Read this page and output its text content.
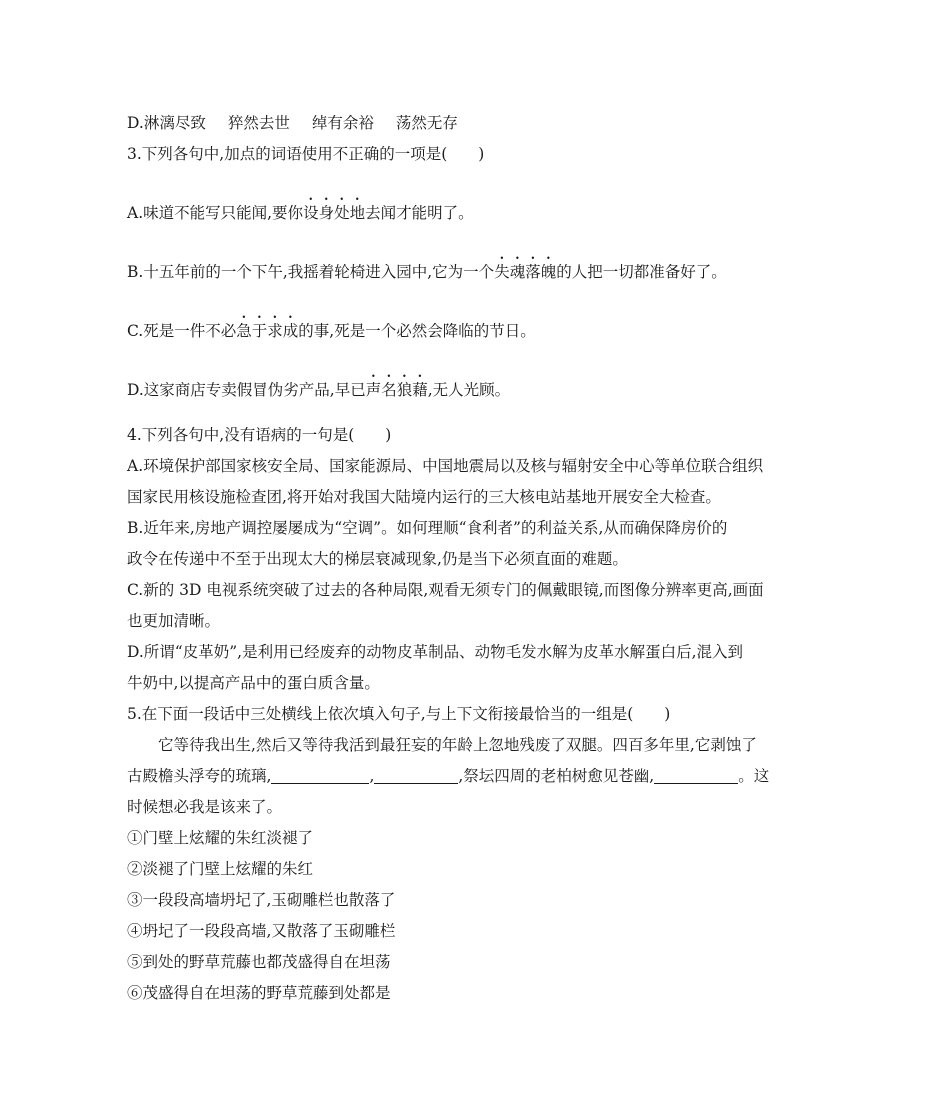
D.淋漓尽致 猝然去世 绰有余裕 荡然无存
3.下列各句中,加点的词语使用不正确的一项是(　　)
A.味道不能写只能闻,要你设身处地去闻才能明了。
B.十五年前的一个下午,我摇着轮椅进入园中,它为一个失魂落魄的人把一切都准备好了。
C.死是一件不必急于求成的事,死是一个必然会降临的节日。
D.这家商店专卖假冒伪劣产品,早已声名狼藉,无人光顾。
4.下列各句中,没有语病的一句是(　　)
A.环境保护部国家核安全局、国家能源局、中国地震局以及核与辐射安全中心等单位联合组织
国家民用核设施检查团,将开始对我国大陆境内运行的三大核电站基地开展安全大检查。
B.近年来,房地产调控屡屡成为“空调”。如何理顺“食利者”的利益关系,从而确保降房价的
政令在传递中不至于出现太大的梯层衰减现象,仍是当下必须直面的难题。
C.新的 3D 电视系统突破了过去的各种局限,观看无须专门的佩戴眼镜,而图像分辨率更高,画面
也更加清晰。
D.所谓“皮革奶”,是利用已经废弃的动物皮革制品、动物毛发水解为皮革水解蛋白后,混入到
牛奶中,以提高产品中的蛋白质含量。
5.在下面一段话中三处横线上依次填入句子,与上下文衔接最恰当的一组是(　　)
它等待我出生,然后又等待我活到最狂妄的年龄上忽地残废了双腿。四百多年里,它剥蚀了
古殿檐头浮夸的琉璃,	,	,祭坛四周的老柏树愈见苍幽,	。这
时候想必我是该来了。
①门壁上炫耀的朱红淡褪了
②淡褪了门壁上炫耀的朱红
③一段段高墙坍圮了,玉砌雕栏也散落了
④坍圮了一段段高墙,又散落了玉砌雕栏
⑤到处的野草荒藤也都茂盛得自在坦荡
⑥茂盛得自在坦荡的野草荒藤到处都是
